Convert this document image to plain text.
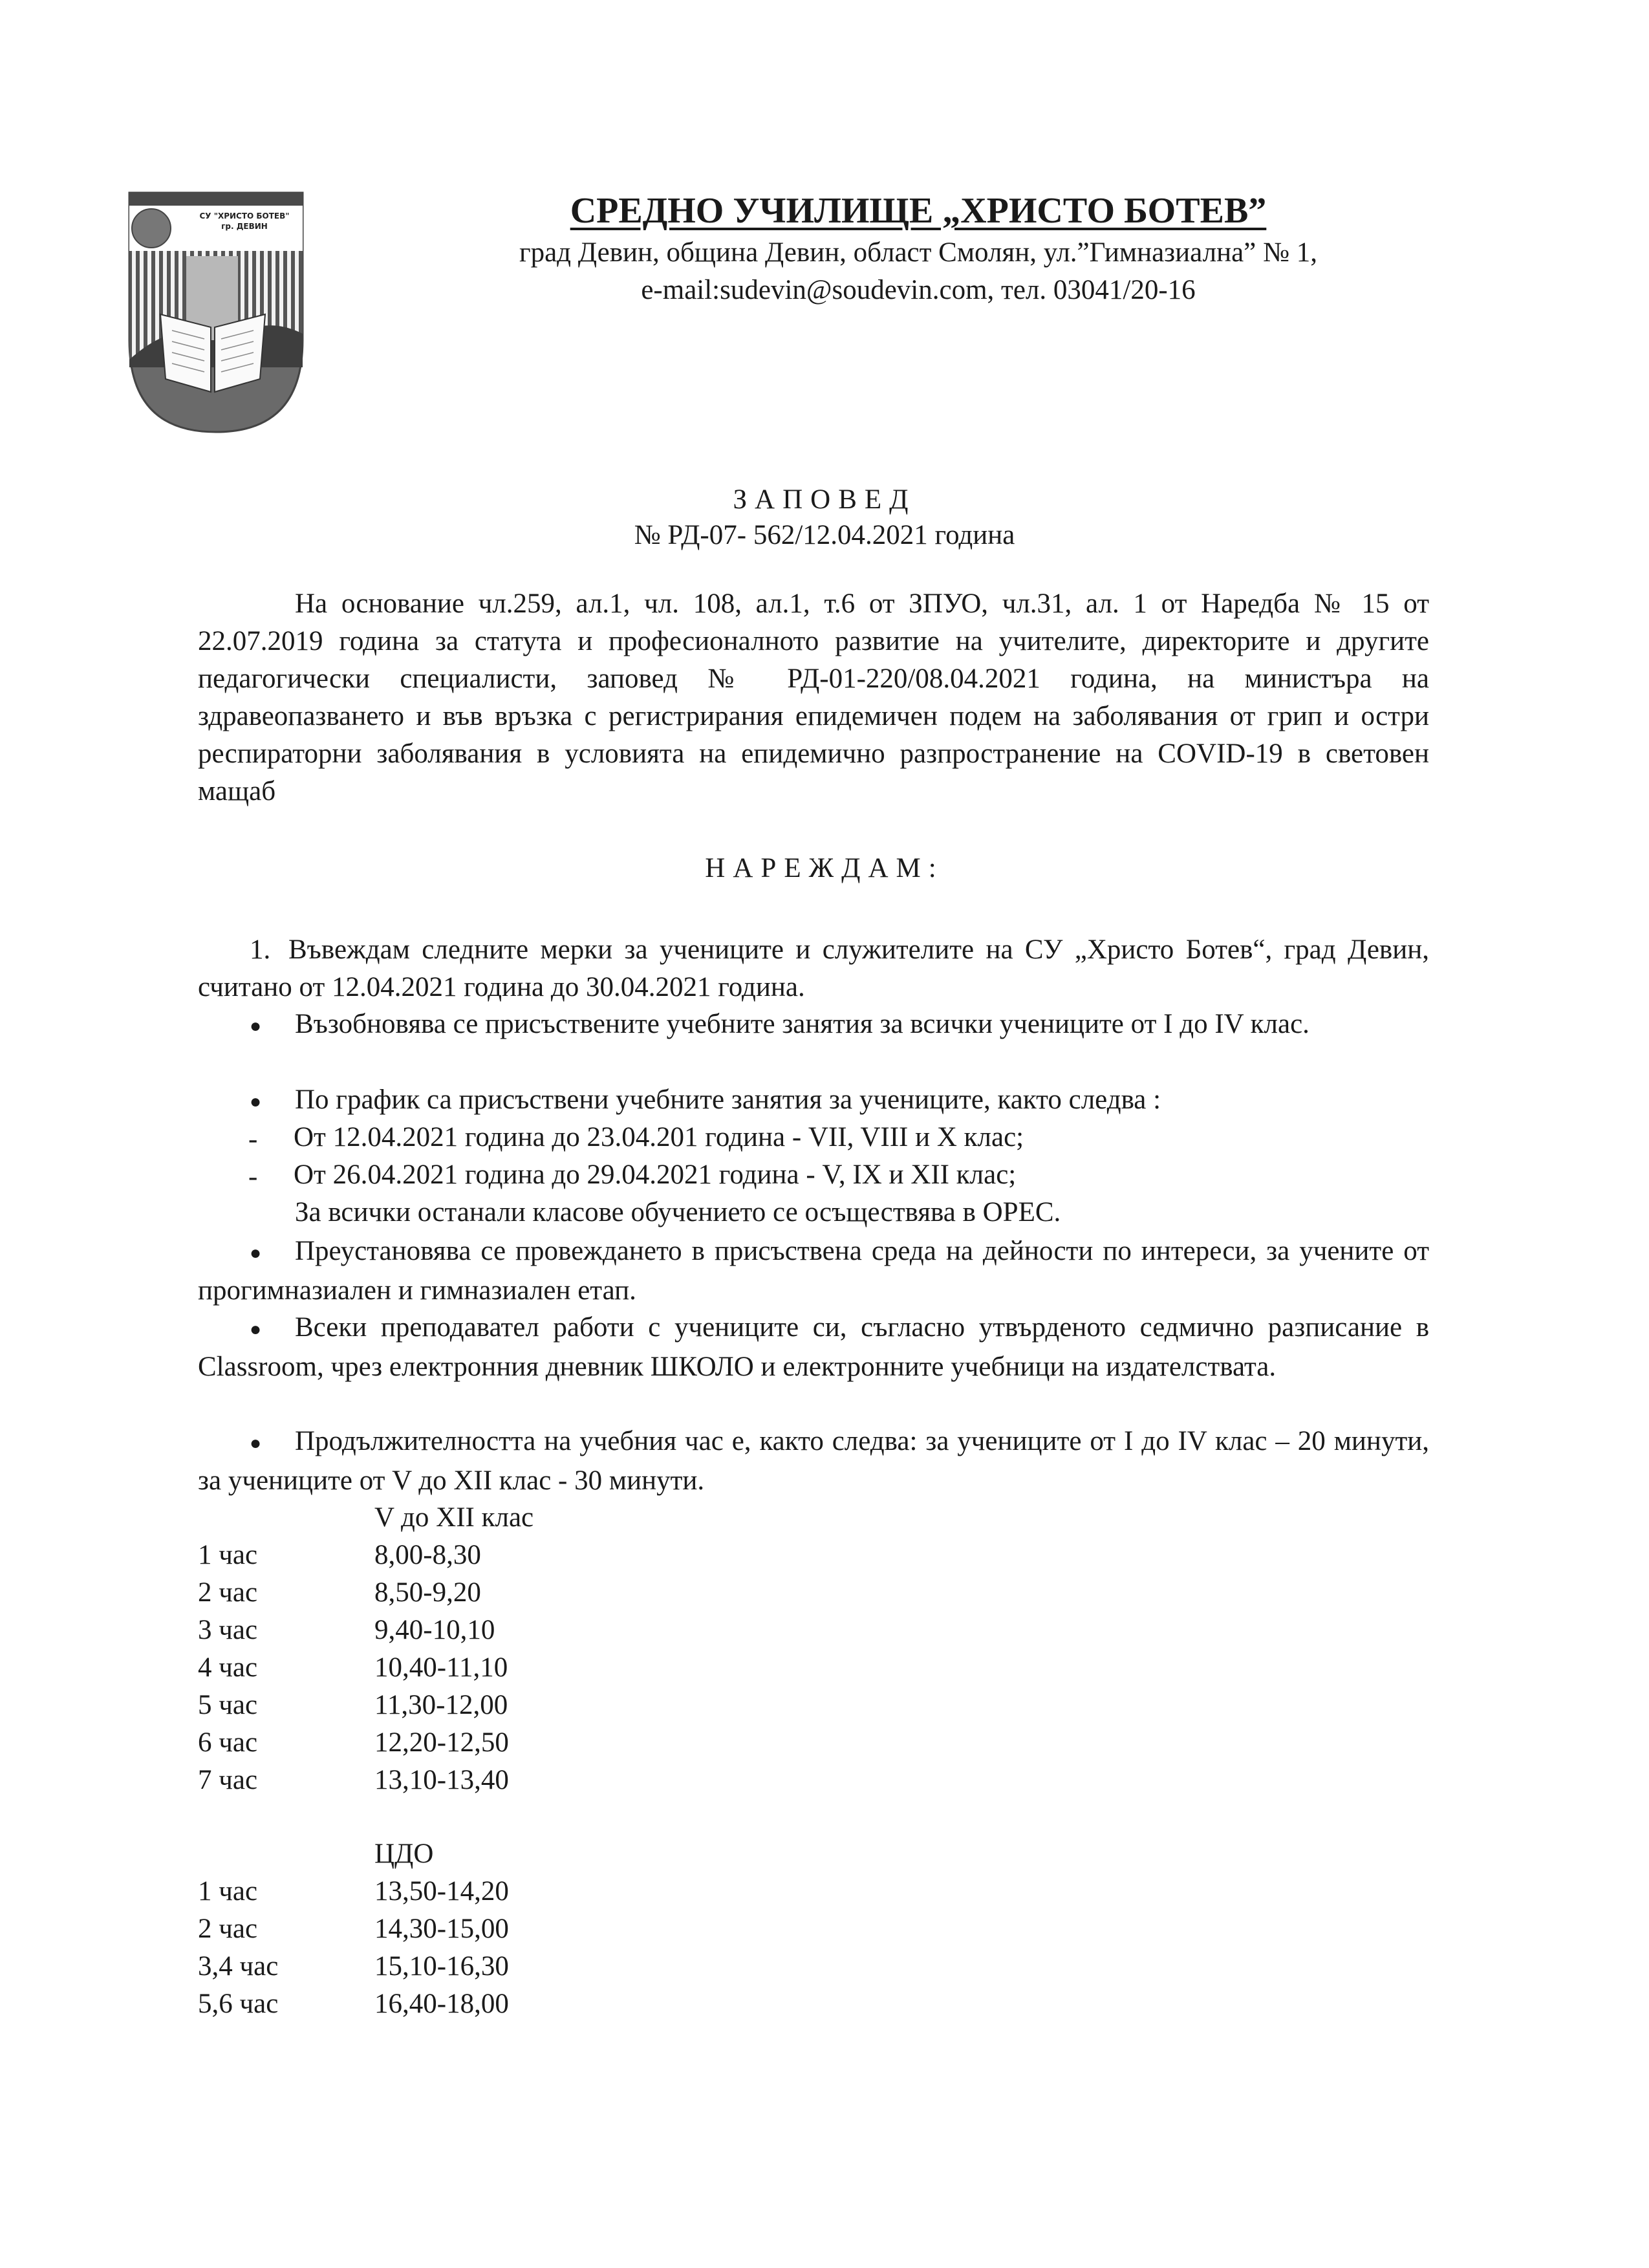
СУ "ХРИСТО БОТЕВ"
гр. ДЕВИН	СРЕДНО УЧИЛИЩЕ „ХРИСТО БОТЕВ”
град Девин, община Девин, област Смолян, ул.”Гимназиална” № 1,
e-mail:sudevin@soudevin.com, тел. 03041/20-16
ЗАПОВЕД
№ РД-07- 562/12.04.2021 година
На основание чл.259, ал.1, чл. 108, ал.1, т.6 от ЗПУО, чл.31, ал. 1 от Наредба № 15 от 22.07.2019 година за статута и професионалното развитие на учителите, директорите и другите педагогически специалисти, заповед № РД-01-220/08.04.2021 година, на министъра на здравеопазването и във връзка с регистрирания епидемичен подем на заболявания от грип и остри респираторни заболявания в условията на епидемично разпространение на COVID-19 в световен мащаб
НАРЕЖДАМ:
1. Въвеждам следните мерки за учениците и служителите на СУ „Христо Ботев“, град Девин, считано от 12.04.2021 година до 30.04.2021 година.
● Възобновява се присъствените учебните занятия за всички учениците от I до IV клас.
● По график са присъствени учебните занятия за учениците, както следва :
- От 12.04.2021 година до 23.04.201 година - VII, VIII и X клас;
- От 26.04.2021 година до 29.04.2021 година - V, IX и XII клас;
За всички останали класове обучението се осъществява в ОРЕС.
● Преустановява се провеждането в присъствена среда на дейности по интереси, за учените от прогимназиален и гимназиален етап.
● Всеки преподавател работи с учениците си, съгласно утвърденото седмично разписание в Classroom, чрез електронния дневник ШКОЛО и електронните учебници на издателствата.
● Продължителността на учебния час е, както следва: за учениците от I до IV клас – 20 минути, за учениците от V до XII клас - 30 минути.
V до XII клас
1 час	8,00-8,30
2 час	8,50-9,20
3 час	9,40-10,10
4 час	10,40-11,10
5 час	11,30-12,00
6 час	12,20-12,50
7 час	13,10-13,40
ЦДО
1 час	13,50-14,20
2 час	14,30-15,00
3,4 час	15,10-16,30
5,6 час	16,40-18,00
